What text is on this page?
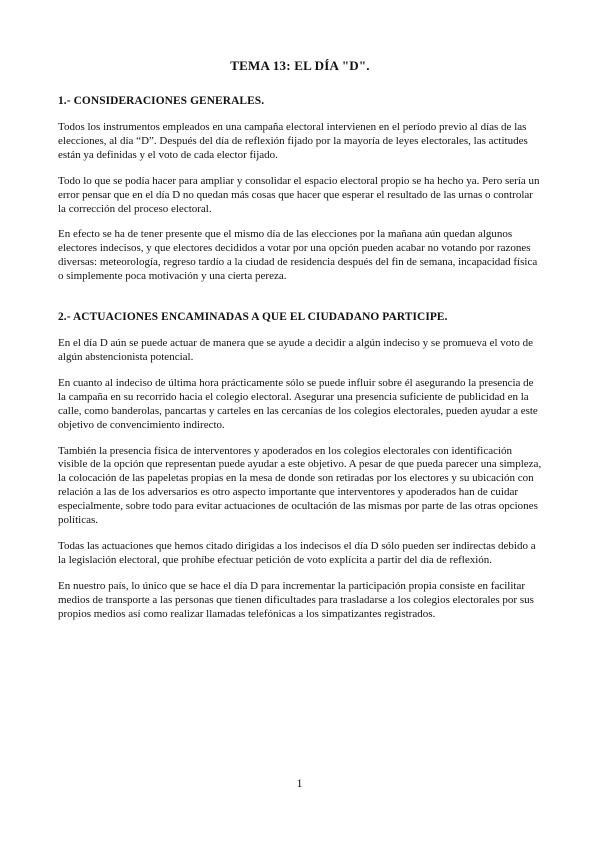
TEMA 13: EL DÍA "D".
1.- CONSIDERACIONES GENERALES.

Todos los instrumentos empleados en una campaña electoral intervienen en el período previo al días de las elecciones, al día “D”. Después del día de reflexión fijado por la mayoría de leyes electorales, las actitudes están ya definidas y el voto de cada elector fijado.

Todo lo que se podía hacer para ampliar y consolidar el espacio electoral propio se ha hecho ya. Pero sería un error pensar que en el día D no quedan más cosas que hacer que esperar el resultado de las urnas o controlar la corrección del proceso electoral.

En efecto se ha de tener presente que el mismo día de las elecciones por la mañana aún quedan algunos electores indecisos, y que electores decididos a votar por una opción pueden acabar no votando por razones diversas: meteorología, regreso tardío a la ciudad de residencia después del fin de semana, incapacidad física o simplemente poca motivación y una cierta pereza.

2.- ACTUACIONES ENCAMINADAS A QUE EL CIUDADANO PARTICIPE.

En el día D aún se puede actuar de manera que se ayude a decidir a algún indeciso y se promueva el voto de algún abstencionista potencial.

En cuanto al indeciso de última hora prácticamente sólo se puede influir sobre él asegurando la presencia de la campaña en su recorrido hacia el colegio electoral. Asegurar una presencia suficiente de publicidad en la calle, como banderolas, pancartas y carteles en las cercanías de los colegios electorales, pueden ayudar a este objetivo de convencimiento indirecto.

También la presencia física de interventores y apoderados en los colegios electorales con identificación visible de la opción que representan puede ayudar a este objetivo. A pesar de que pueda parecer una simpleza, la colocación de las papeletas propias en la mesa de donde son retiradas por los electores y su ubicación con relación a las de los adversarios es otro aspecto importante que interventores y apoderados han de cuidar especialmente, sobre todo para evitar actuaciones de ocultación de las mismas por parte de las otras opciones políticas.

Todas las actuaciones que hemos citado dirigidas a los indecisos el día D sólo pueden ser indirectas debido a la legislación electoral, que prohíbe efectuar petición de voto explícita a partir del día de reflexión.

En nuestro país, lo único que se hace el día D para incrementar la participación propia consiste en facilitar medios de transporte a las personas que tienen dificultades para trasladarse a los colegios electorales por sus propios medios así como realizar llamadas telefónicas a los simpatizantes registrados.

1
